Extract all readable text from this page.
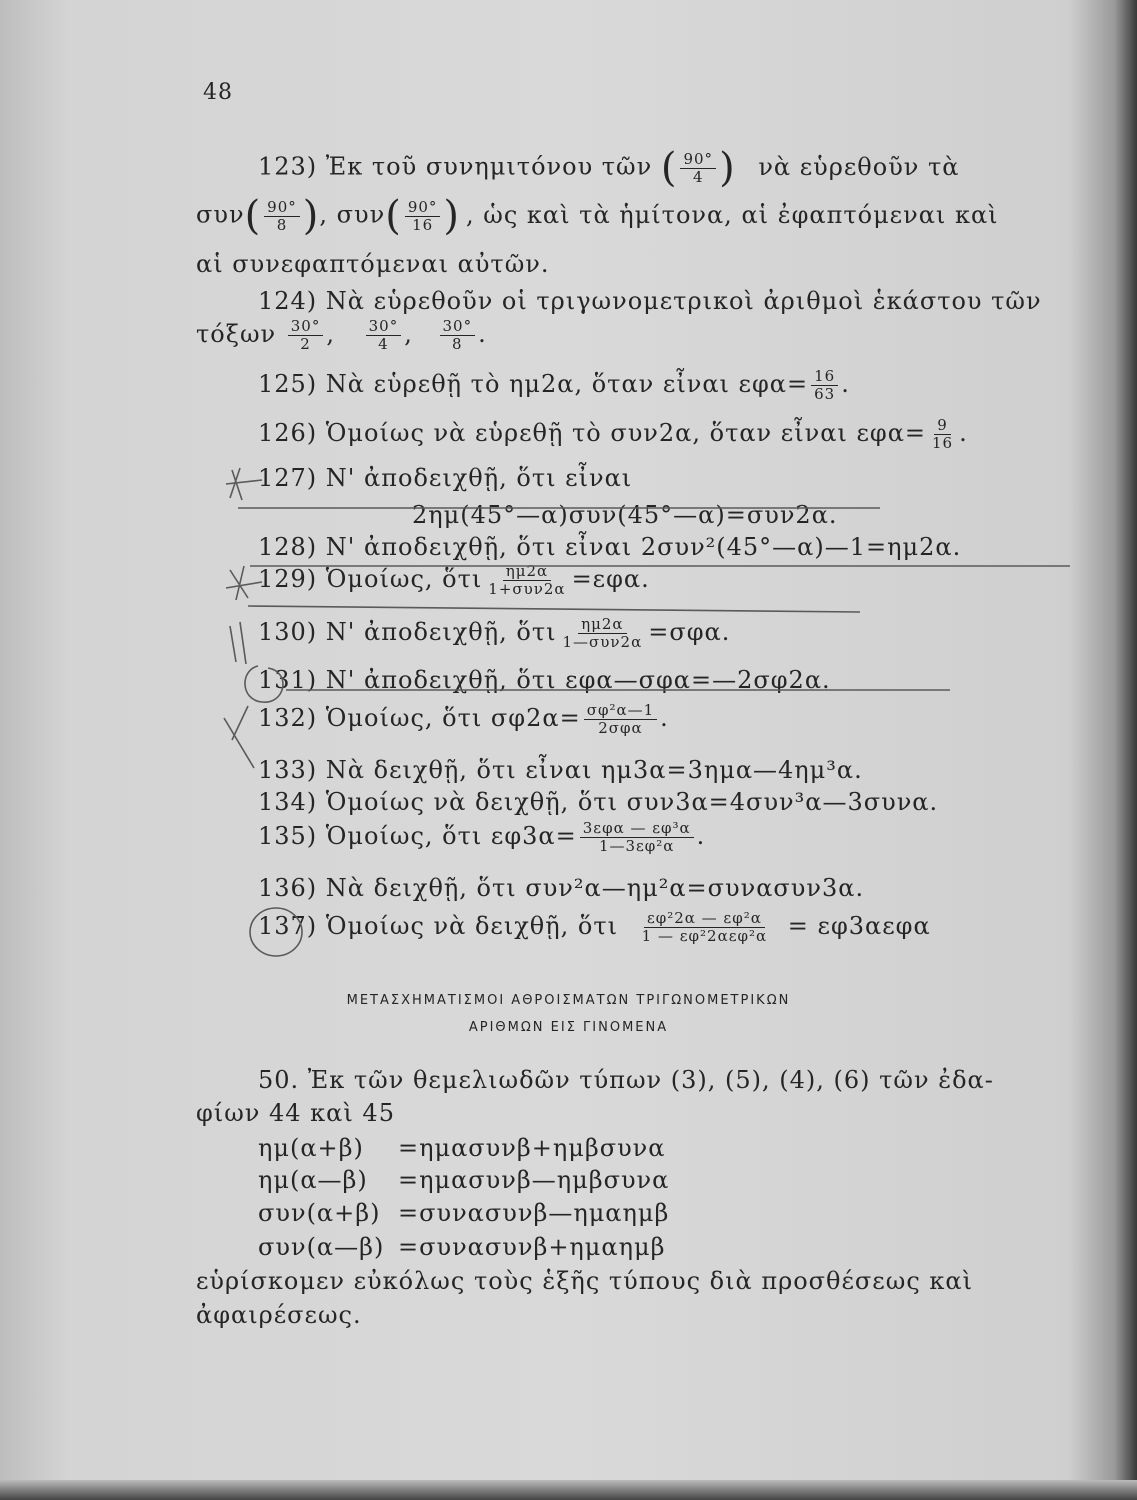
48
123) Ἐκ τοῦ συνημιτόνου τῶν ( $\frac{90^\circ}{4}$ ) νὰ εὑρεθοῦν τὰ
$\sigma\upsilon\nu( \frac{90^\circ}{8}$ ), $\sigma\upsilon\nu( \frac{90^\circ}{16}$ ) , ὡς καὶ τὰ ἡμίτονα, αἱ ἐφαπτόμεναι καὶ
αἱ συνεφαπτόμεναι αὐτῶν.
124) Νὰ εὑρεθοῦν οἱ τριγωνομετρικοὶ ἀριθμοὶ ἑκάστου τῶν
τόξων $\frac{30^\circ}{2}$ , $\frac{30^\circ}{4}$ , $\frac{30^\circ}{8}$ .
125) Νὰ εὑρεθῇ τὸ ημ2α, ὅταν εἶναι $\varepsilon\varphi\alpha= \frac{16}{63}$ .
126) Ὁμοίως νὰ εὑρεθῇ τὸ συν2α, ὅταν εἶναι $\varepsilon\varphi\alpha= \frac{9}{16}$ .
127) Ν' ἀποδειχθῇ, ὅτι εἶναι
2ημ(45°—α)συν(45°—α)=συν2α.
128) Ν' ἀποδειχθῇ, ὅτι εἶναι 2συν²(45°—α)—1=ημ2α.
129) Ὁμοίως, ὅτι $\frac{\eta\mu 2\alpha}{\text{1+συν2α}} =\varepsilon\varphi\alpha$.
130) Ν' ἀποδειχθῇ, ὅτι $\frac{\eta\mu 2\alpha}{\text{1—συν2α}} =\sigma\varphi\alpha$.
131) Ν' ἀποδειχθῇ, ὅτι εφα—σφα=—2σφ2α.
132) Ὁμοίως, ὅτι $\sigma\varphi 2\alpha= \frac{\text{σφ²α—1}}{\text{2σφα}}$ .
133) Νὰ δειχθῇ, ὅτι εἶναι ημ3α=3ημα—4ημ³α.
134) Ὁμοίως νὰ δειχθῇ, ὅτι συν3α=4συν³α—3συνα.
135) Ὁμοίως, ὅτι $\varepsilon\varphi 3\alpha= \frac{\text{3εφα — εφ³α}}{\text{1—3εφ²α}}$ .
136) Νὰ δειχθῇ, ὅτι συν²α—ημ²α=συνασυν3α.
137) Ὁμοίως νὰ δειχθῇ, ὅτι $\frac{\text{εφ²2α — εφ²α}}{\text{1 — εφ²2αεφ²α}} = \varepsilon\varphi 3\alpha\varepsilon\varphi\alpha$
ΜΕΤΑΣΧΗΜΑΤΙΣΜΟΙ ΑΘΡΟΙΣΜΑΤΩΝ ΤΡΙΓΩΝΟΜΕΤΡΙΚΩΝ
ΑΡΙΘΜΩΝ ΕΙΣ ΓΙΝΟΜΕΝΑ
50. Ἐκ τῶν θεμελιωδῶν τύπων (3), (5), (4), (6) τῶν ἐδα-
φίων 44 καὶ 45
ημ(α+β) =ημασυνβ+ημβσυνα
ημ(α—β) =ημασυνβ—ημβσυνα
συν(α+β) =συνασυνβ—ημαημβ
συν(α—β) =συνασυνβ+ημαημβ
εὑρίσκομεν εὐκόλως τοὺς ἑξῆς τύπους διὰ προσθέσεως καὶ
ἀφαιρέσεως.
